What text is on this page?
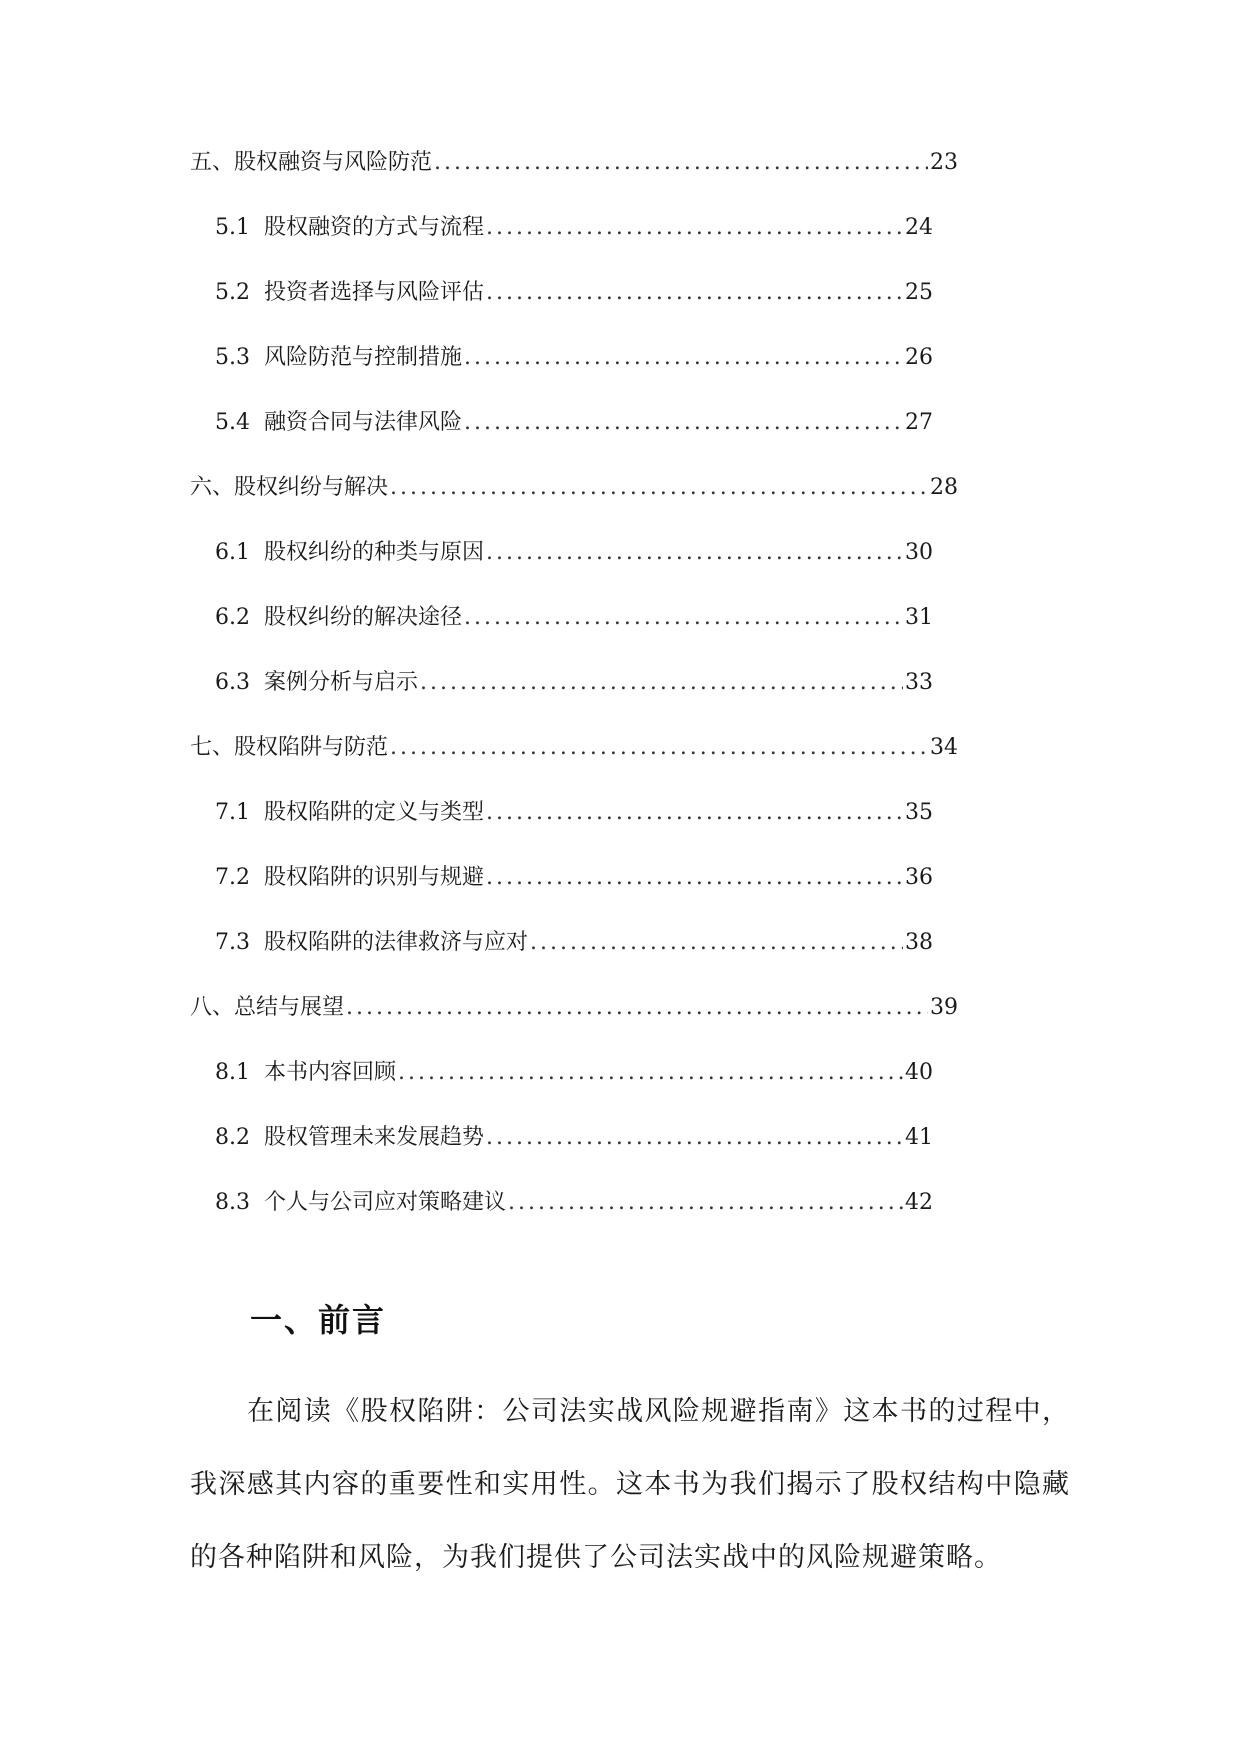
五、股权融资与风险防范 .....	23
5.1 股权融资的方式与流程 .....	24
5.2 投资者选择与风险评估 .....	25
5.3 风险防范与控制措施 .....	26
5.4 融资合同与法律风险 .....	27
六、股权纠纷与解决 .....	28
6.1 股权纠纷的种类与原因 .....	30
6.2 股权纠纷的解决途径 .....	31
6.3 案例分析与启示 .....	33
七、股权陷阱与防范 .....	34
7.1 股权陷阱的定义与类型 .....	35
7.2 股权陷阱的识别与规避 .....	36
7.3 股权陷阱的法律救济与应对 .....	38
八、总结与展望 .....	39
8.1 本书内容回顾 .....	40
8.2 股权管理未来发展趋势 .....	41
8.3 个人与公司应对策略建议 .....	42
一、前言

在阅读《股权陷阱：公司法实战风险规避指南》这本书的过程中，我深感其内容的重要性和实用性。这本书为我们揭示了股权结构中隐藏的各种陷阱和风险，为我们提供了公司法实战中的风险规避策略。
